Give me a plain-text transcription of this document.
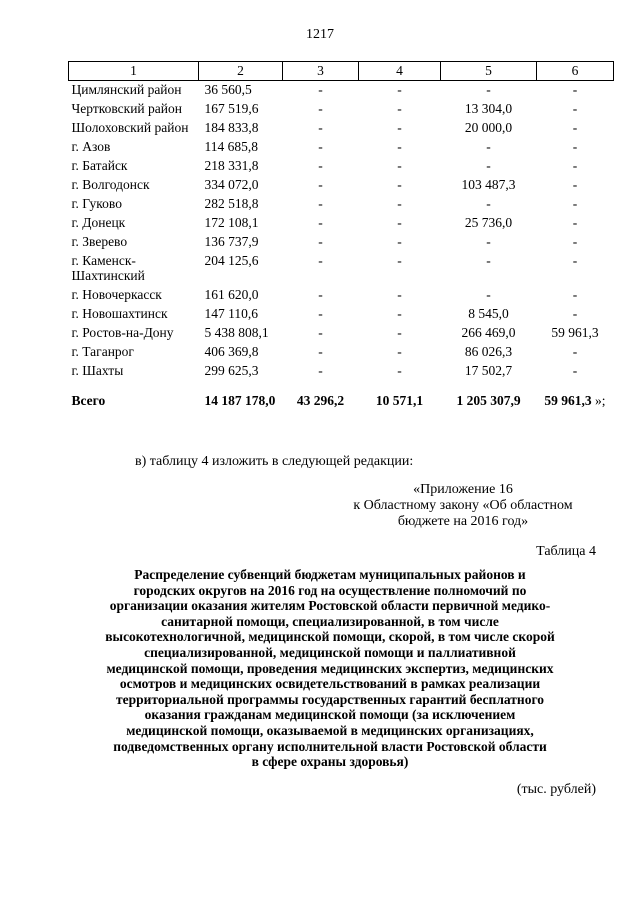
1217
1	2	3	4	5	6
Цимлянский район	36 560,5	-	-	-	-
Чертковский район	167 519,6	-	-	13 304,0	-
Шолоховский район	184 833,8	-	-	20 000,0	-
г. Азов	114 685,8	-	-	-	-
г. Батайск	218 331,8	-	-	-	-
г. Волгодонск	334 072,0	-	-	103 487,3	-
г. Гуково	282 518,8	-	-	-	-
г. Донецк	172 108,1	-	-	25 736,0	-
г. Зверево	136 737,9	-	-	-	-
г. Каменск-Шахтинский	204 125,6	-	-	-	-
г. Новочеркасск	161 620,0	-	-	-	-
г. Новошахтинск	147 110,6	-	-	8 545,0	-
г. Ростов-на-Дону	5 438 808,1	-	-	266 469,0	59 961,3
г. Таганрог	406 369,8	-	-	86 026,3	-
г. Шахты	299 625,3	-	-	17 502,7	-
Всего	14 187 178,0	43 296,2	10 571,1	1 205 307,9	59 961,3 »;
в) таблицу 4 изложить в следующей редакции:
«Приложение 16
к Областному закону «Об областном
бюджете на 2016 год»
Таблица 4
Распределение субвенций бюджетам муниципальных районов и
городских округов на 2016 год на осуществление полномочий по
организации оказания жителям Ростовской области первичной медико-
санитарной помощи, специализированной, в том числе
высокотехнологичной, медицинской помощи, скорой, в том числе скорой
специализированной, медицинской помощи и паллиативной
медицинской помощи, проведения медицинских экспертиз, медицинских
осмотров и медицинских освидетельствований в рамках реализации
территориальной программы государственных гарантий бесплатного
оказания гражданам медицинской помощи (за исключением
медицинской помощи, оказываемой в медицинских организациях,
подведомственных органу исполнительной власти Ростовской области
в сфере охраны здоровья)
(тыс. рублей)
